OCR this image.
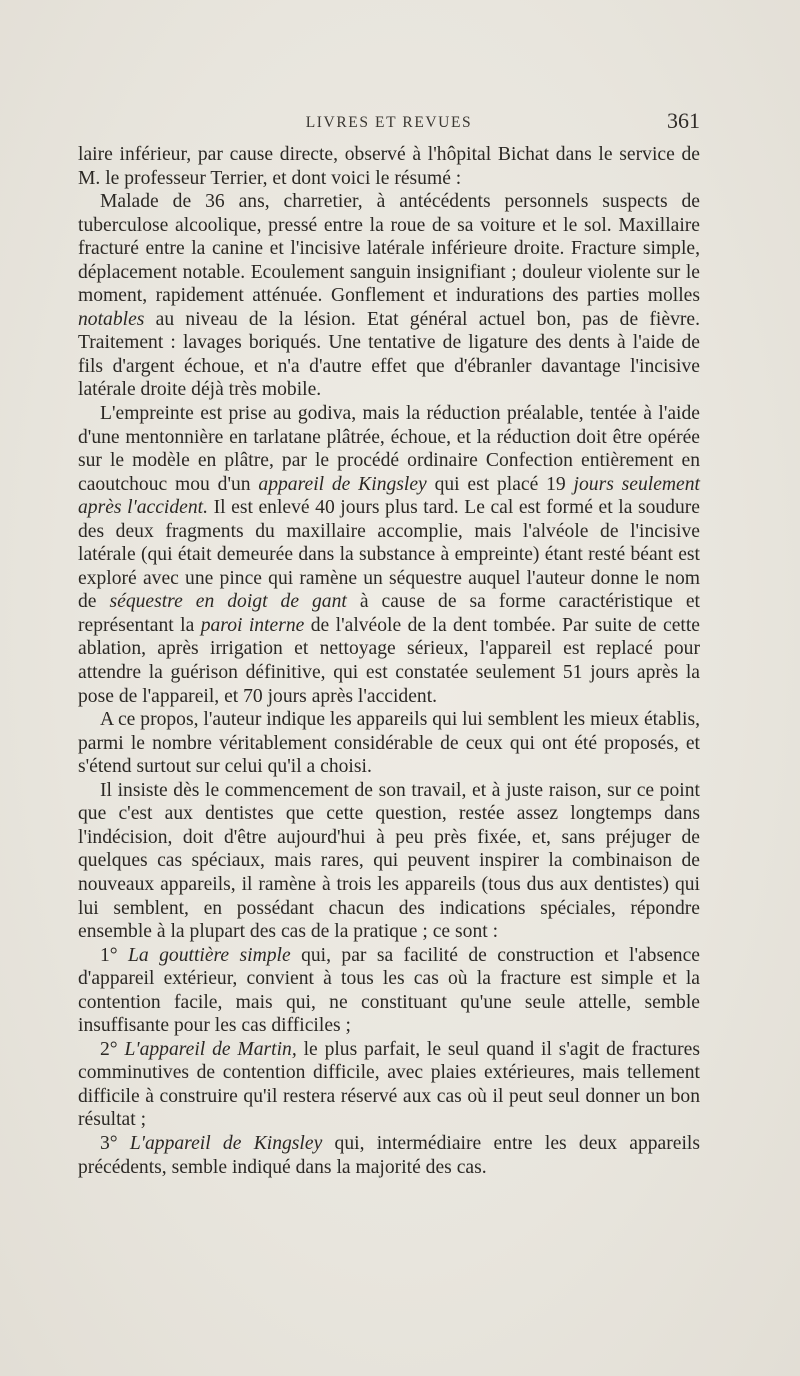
LIVRES ET REVUES	361

laire inférieur, par cause directe, observé à l'hôpital Bichat dans le service de M. le professeur Terrier, et dont voici le résumé :

Malade de 36 ans, charretier, à antécédents personnels suspects de tuberculose alcoolique, pressé entre la roue de sa voiture et le sol. Maxillaire fracturé entre la canine et l'incisive latérale inférieure droite. Fracture simple, déplacement notable. Ecoulement sanguin insignifiant ; douleur violente sur le moment, rapidement atténuée. Gonflement et indurations des parties molles notables au niveau de la lésion. Etat général actuel bon, pas de fièvre. Traitement : lavages boriqués. Une tentative de ligature des dents à l'aide de fils d'argent échoue, et n'a d'autre effet que d'ébranler davantage l'incisive latérale droite déjà très mobile.

L'empreinte est prise au godiva, mais la réduction préalable, tentée à l'aide d'une mentonnière en tarlatane plâtrée, échoue, et la réduction doit être opérée sur le modèle en plâtre, par le procédé ordinaire Confection entièrement en caoutchouc mou d'un appareil de Kingsley qui est placé 19 jours seulement après l'accident. Il est enlevé 40 jours plus tard. Le cal est formé et la soudure des deux fragments du maxillaire accomplie, mais l'alvéole de l'incisive latérale (qui était demeurée dans la substance à empreinte) étant resté béant est exploré avec une pince qui ramène un séquestre auquel l'auteur donne le nom de séquestre en doigt de gant à cause de sa forme caractéristique et représentant la paroi interne de l'alvéole de la dent tombée. Par suite de cette ablation, après irrigation et nettoyage sérieux, l'appareil est replacé pour attendre la guérison définitive, qui est constatée seulement 51 jours après la pose de l'appareil, et 70 jours après l'accident.

A ce propos, l'auteur indique les appareils qui lui semblent les mieux établis, parmi le nombre véritablement considérable de ceux qui ont été proposés, et s'étend surtout sur celui qu'il a choisi.

Il insiste dès le commencement de son travail, et à juste raison, sur ce point que c'est aux dentistes que cette question, restée assez longtemps dans l'indécision, doit d'être aujourd'hui à peu près fixée, et, sans préjuger de quelques cas spéciaux, mais rares, qui peuvent inspirer la combinaison de nouveaux appareils, il ramène à trois les appareils (tous dus aux dentistes) qui lui semblent, en possédant chacun des indications spéciales, répondre ensemble à la plupart des cas de la pratique ; ce sont :

1° La gouttière simple qui, par sa facilité de construction et l'absence d'appareil extérieur, convient à tous les cas où la fracture est simple et la contention facile, mais qui, ne constituant qu'une seule attelle, semble insuffisante pour les cas difficiles ;

2° L'appareil de Martin, le plus parfait, le seul quand il s'agit de fractures comminutives de contention difficile, avec plaies extérieures, mais tellement difficile à construire qu'il restera réservé aux cas où il peut seul donner un bon résultat ;

3° L'appareil de Kingsley qui, intermédiaire entre les deux appareils précédents, semble indiqué dans la majorité des cas.
